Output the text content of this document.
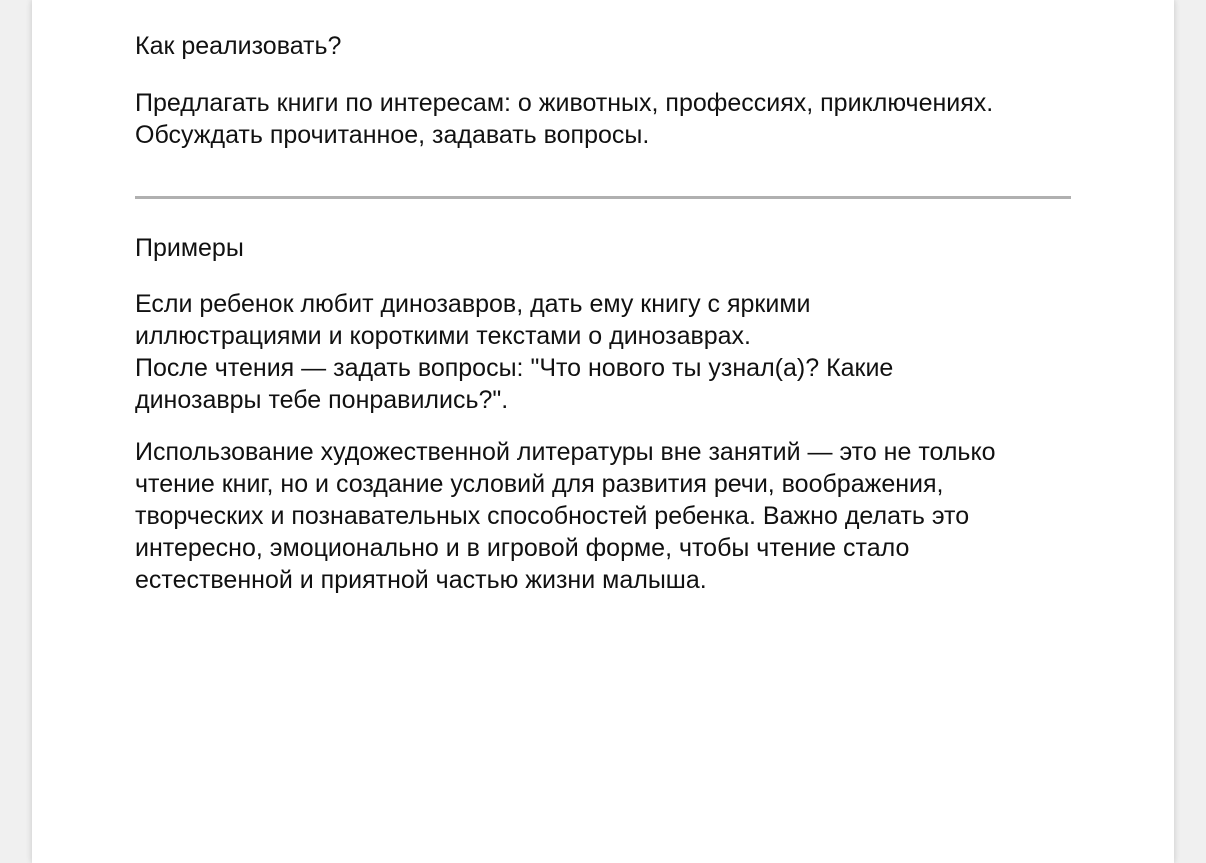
Как реализовать?

Предлагать книги по интересам: о животных, профессиях, приключениях.
Обсуждать прочитанное, задавать вопросы.

Примеры

Если ребенок любит динозавров, дать ему книгу с яркими
иллюстрациями и короткими текстами о динозаврах.
После чтения — задать вопросы: "Что нового ты узнал(а)? Какие
динозавры тебе понравились?".

Использование художественной литературы вне занятий — это не только
чтение книг, но и создание условий для развития речи, воображения,
творческих и познавательных способностей ребенка. Важно делать это
интересно, эмоционально и в игровой форме, чтобы чтение стало
естественной и приятной частью жизни малыша.
